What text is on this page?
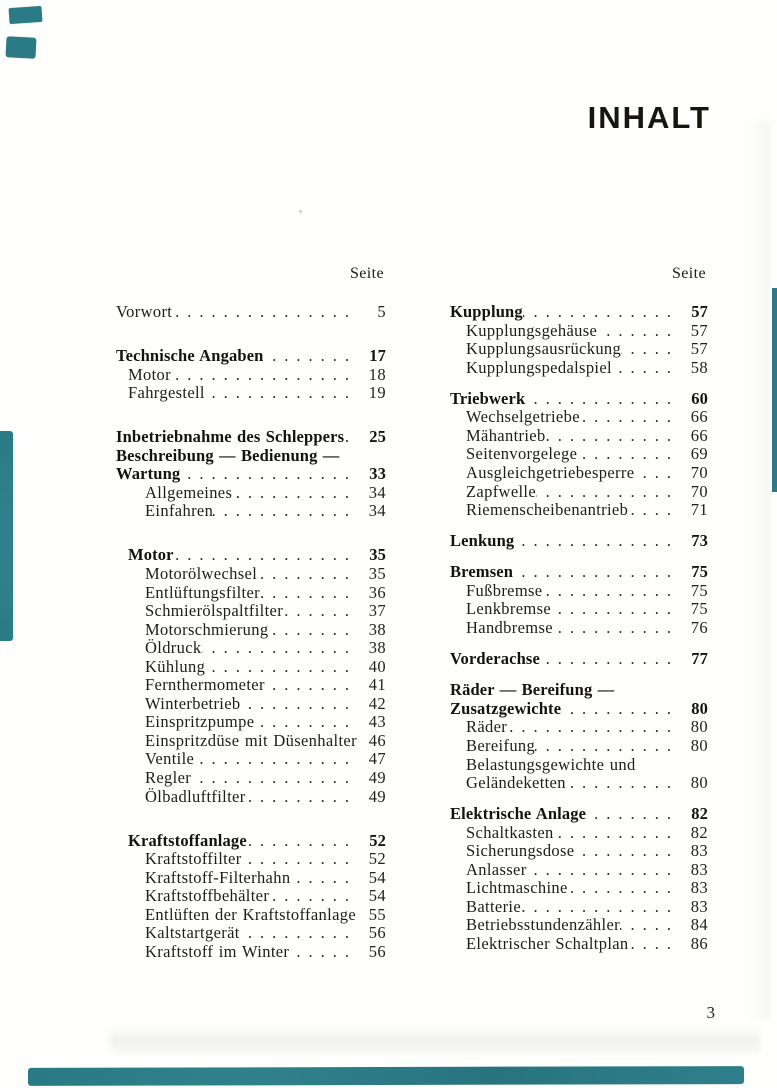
INHALT
Seite
Vorwort .....	5
Technische Angaben .....	17
Motor .....	18
Fahrgestell .....	19
Inbetriebnahme des Schleppers .....	25
Beschreibung — Bedienung —
Wartung .....	33
Allgemeines .....	34
Einfahren .....	34
Motor .....	35
Motorölwechsel .....	35
Entlüftungsfilter .....	36
Schmierölspaltfilter .....	37
Motorschmierung .....	38
Öldruck .....	38
Kühlung .....	40
Fernthermometer .....	41
Winterbetrieb .....	42
Einspritzpumpe .....	43
Einspritzdüse mit Düsenhalter ..... 46
Ventile .....	47
Regler .....	49
Ölbadluftfilter .....	49
Kraftstoffanlage .....	52
Kraftstoffilter .....	52
Kraftstoff-Filterhahn .....	54
Kraftstoffbehälter .....	54
Entlüften der Kraftstoffanlage ..... 55
Kaltstartgerät .....	56
Kraftstoff im Winter .....	56
Seite
Kupplung .....	57
Kupplungsgehäuse .....	57
Kupplungsausrückung .....	57
Kupplungspedalspiel .....	58
Triebwerk .....	60
Wechselgetriebe .....	66
Mähantrieb .....	66
Seitenvorgelege .....	69
Ausgleichgetriebesperre .....	70
Zapfwelle .....	70
Riemenscheibenantrieb .....	71
Lenkung .....	73
Bremsen .....	75
Fußbremse .....	75
Lenkbremse .....	75
Handbremse .....	76
Vorderachse .....	77
Räder — Bereifung —
Zusatzgewichte .....	80
Räder .....	80
Bereifung .....	80
Belastungsgewichte und
Geländeketten .....	80
Elektrische Anlage .....	82
Schaltkasten .....	82
Sicherungsdose .....	83
Anlasser .....	83
Lichtmaschine .....	83
Batterie .....	83
Betriebsstundenzähler .....	84
Elektrischer Schaltplan .....	86
3
